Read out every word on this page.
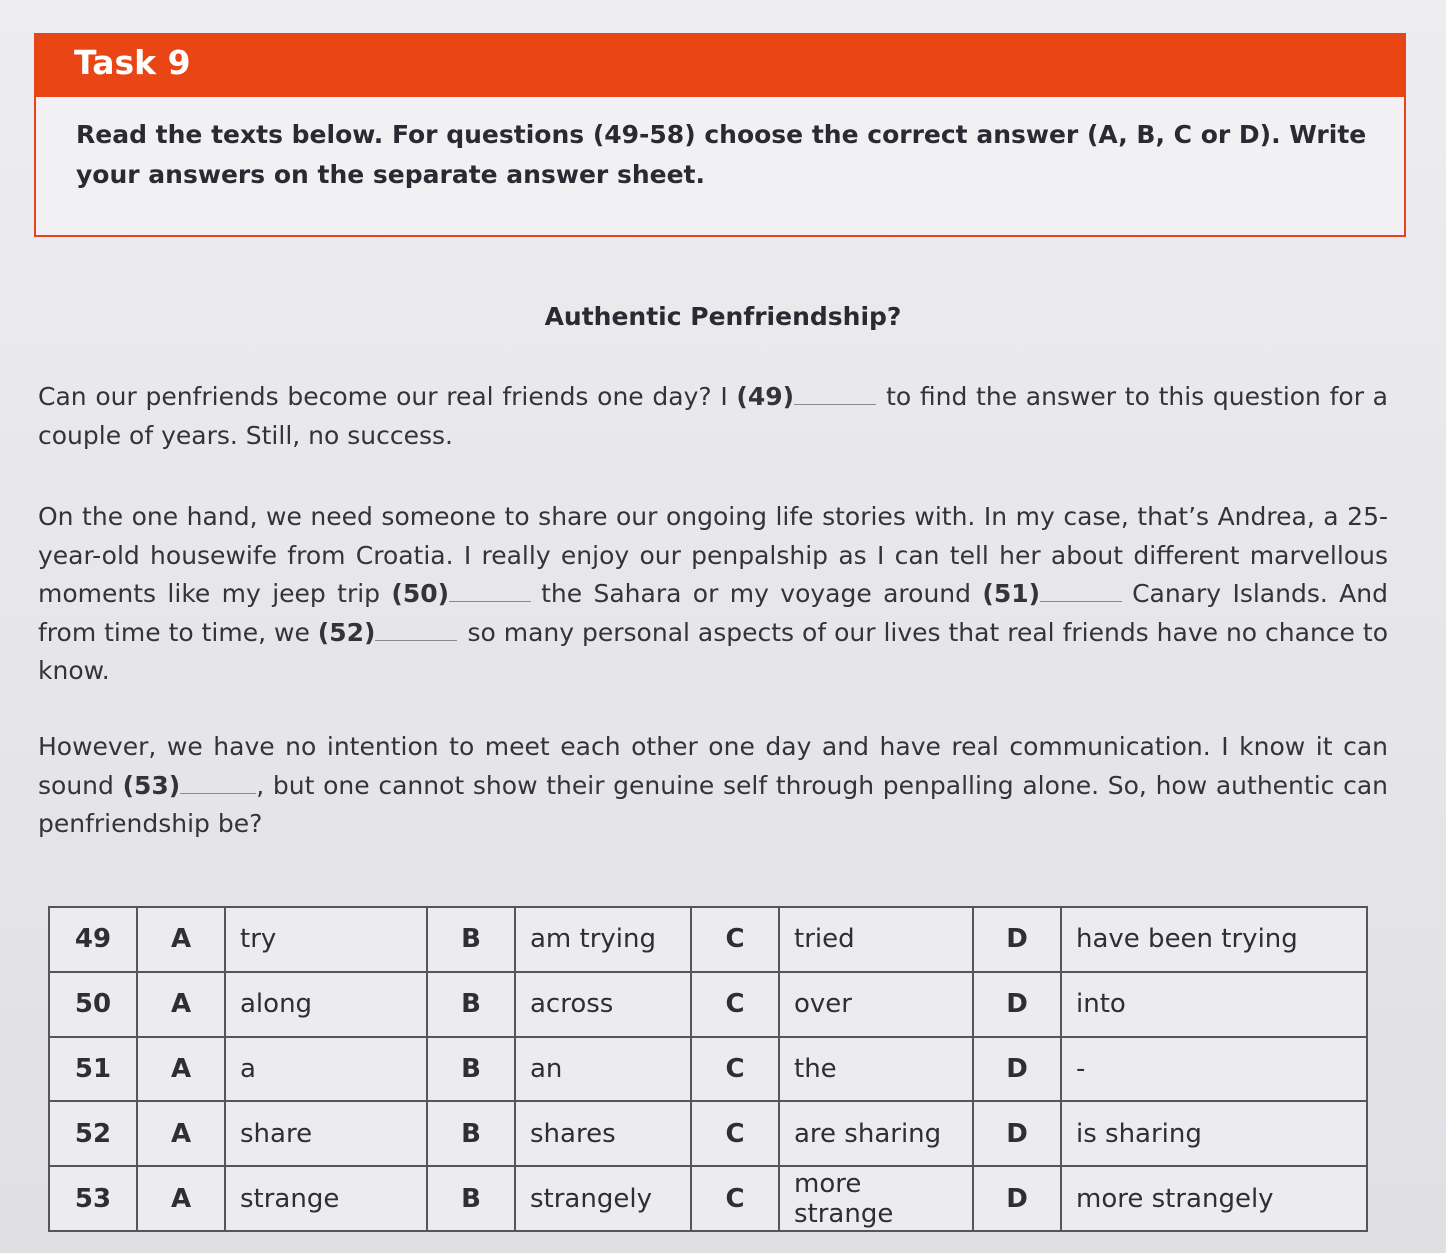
Task 9
Read the texts below. For questions (49-58) choose the correct answer (A, B, C or D). Write your answers on the separate answer sheet.
Authentic Penfriendship?
Can our penfriends become our real friends one day? I (49)	to find the answer to this question for a couple of years. Still, no success.
On the one hand, we need someone to share our ongoing life stories with. In my case, that’s Andrea, a 25-year-old housewife from Croatia. I really enjoy our penpalship as I can tell her about different marvellous moments like my jeep trip (50)	the Sahara or my voyage around (51)	Canary Islands. And from time to time, we (52)	so many personal aspects of our lives that real friends have no chance to know.
However, we have no intention to meet each other one day and have real communication. I know it can sound (53)	, but one cannot show their genuine self through penpalling alone. So, how authentic can penfriendship be?
49	A	try	B	am trying	C	tried	D	have been trying
50	A	along	B	across	C	over	D	into
51	A	a	B	an	C	the	D	-
52	A	share	B	shares	C	are sharing	D	is sharing
53	A	strange	B	strangely	C	more strange	D	more strangely
